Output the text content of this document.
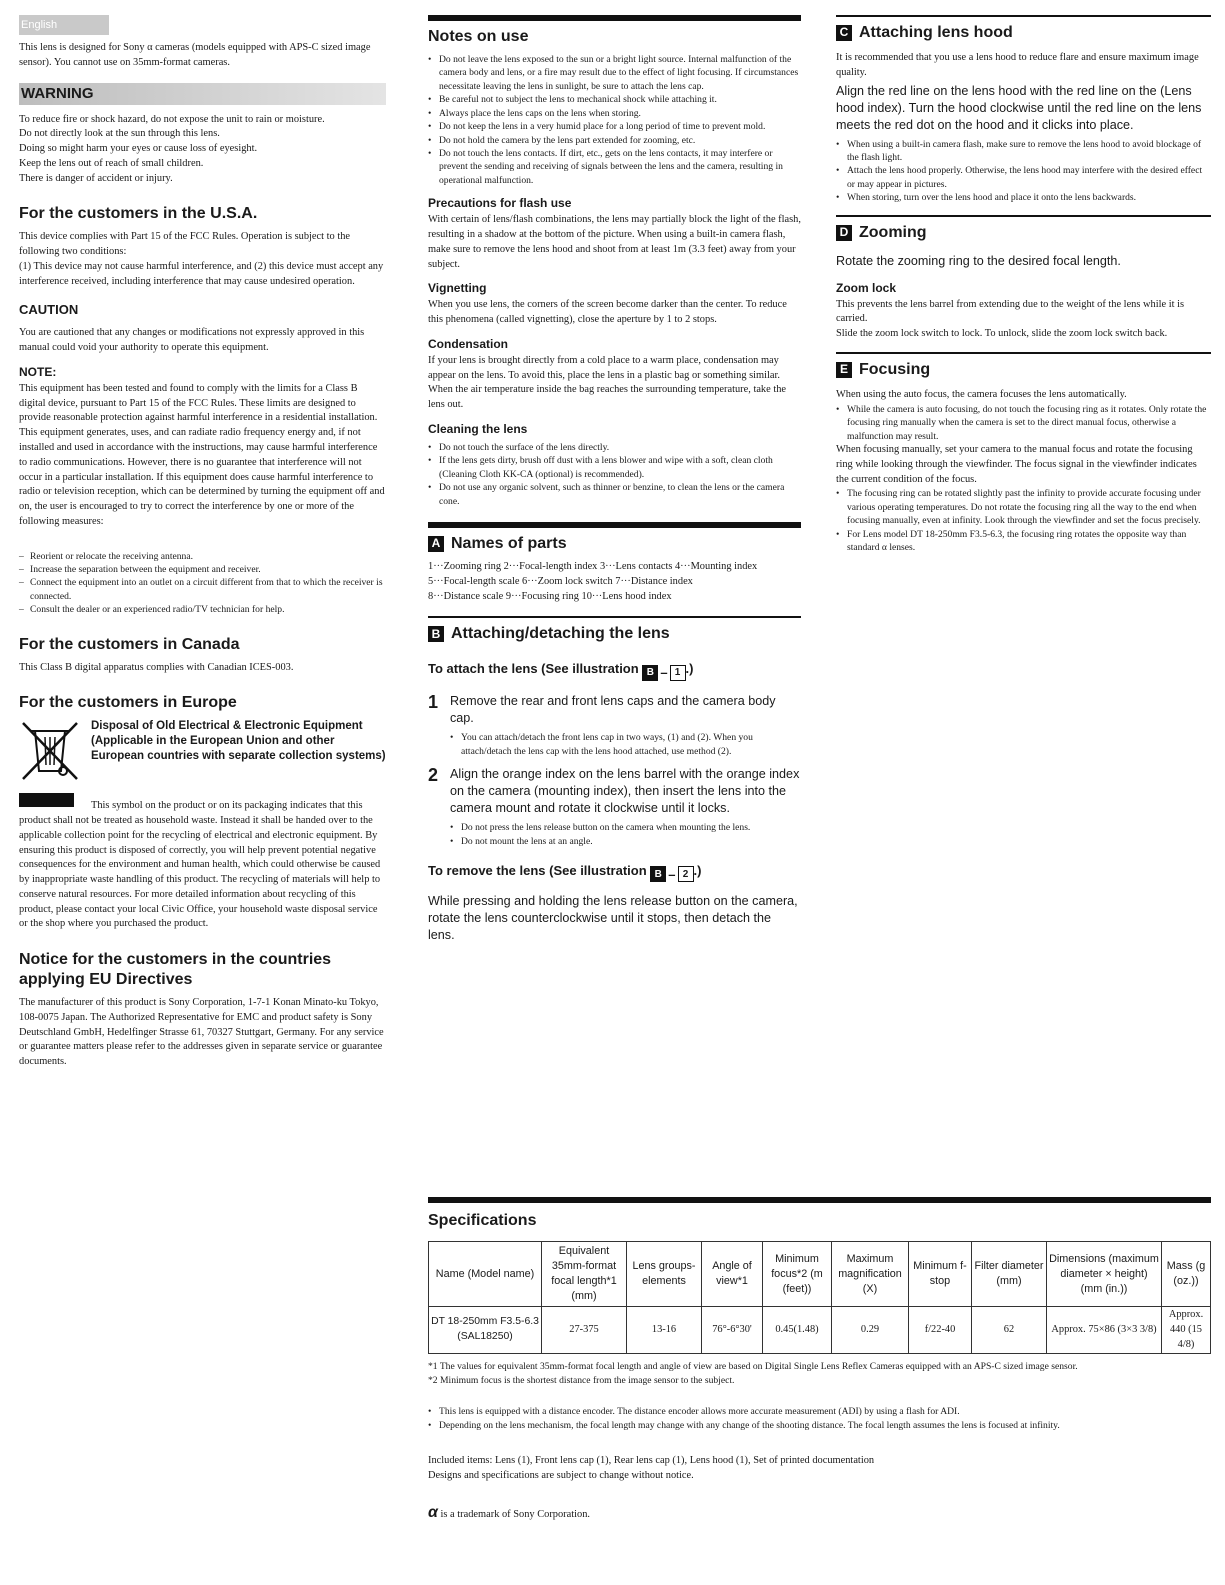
English

This lens is designed for Sony α cameras (models equipped with APS-C sized image sensor). You cannot use on 35mm-format cameras.

WARNING

To reduce fire or shock hazard, do not expose the unit to rain or moisture.

Do not directly look at the sun through this lens.

Doing so might harm your eyes or cause loss of eyesight.

Keep the lens out of reach of small children.

There is danger of accident or injury.

For the customers in the U.S.A.

This device complies with Part 15 of the FCC Rules. Operation is subject to the following two conditions:

(1) This device may not cause harmful interference, and (2) this device must accept any interference received, including interference that may cause undesired operation.

CAUTION

You are cautioned that any changes or modifications not expressly approved in this manual could void your authority to operate this equipment.

NOTE:

This equipment has been tested and found to comply with the limits for a Class B digital device, pursuant to Part 15 of the FCC Rules. These limits are designed to provide reasonable protection against harmful interference in a residential installation. This equipment generates, uses, and can radiate radio frequency energy and, if not installed and used in accordance with the instructions, may cause harmful interference to radio communications. However, there is no guarantee that interference will not occur in a particular installation. If this equipment does cause harmful interference to radio or television reception, which can be determined by turning the equipment off and on, the user is encouraged to try to correct the interference by one or more of the following measures:

– Reorient or relocate the receiving antenna.
– Increase the separation between the equipment and receiver.
– Connect the equipment into an outlet on a circuit different from that to which the receiver is connected.
– Consult the dealer or an experienced radio/TV technician for help.
For the customers in Canada

This Class B digital apparatus complies with Canadian ICES-003.

For the customers in Europe
Disposal of Old Electrical & Electronic Equipment (Applicable in the European Union and other European countries with separate collection systems)

This symbol on the product or on its packaging indicates that this product shall not be treated as household waste. Instead it shall be handed over to the applicable collection point for the recycling of electrical and electronic equipment. By ensuring this product is disposed of correctly, you will help prevent potential negative consequences for the environment and human health, which could otherwise be caused by inappropriate waste handling of this product. The recycling of materials will help to conserve natural resources. For more detailed information about recycling of this product, please contact your local Civic Office, your household waste disposal service or the shop where you purchased the product.

Notice for the customers in the countries applying EU Directives

The manufacturer of this product is Sony Corporation, 1-7-1 Konan Minato-ku Tokyo, 108-0075 Japan. The Authorized Representative for EMC and product safety is Sony Deutschland GmbH, Hedelfinger Strasse 61, 70327 Stuttgart, Germany. For any service or guarantee matters please refer to the addresses given in separate service or guarantee documents.

Notes on use
• Do not leave the lens exposed to the sun or a bright light source. Internal malfunction of the camera body and lens, or a fire may result due to the effect of light focusing. If circumstances necessitate leaving the lens in sunlight, be sure to attach the lens cap.
• Be careful not to subject the lens to mechanical shock while attaching it.
• Always place the lens caps on the lens when storing.
• Do not keep the lens in a very humid place for a long period of time to prevent mold.
• Do not hold the camera by the lens part extended for zooming, etc.
• Do not touch the lens contacts. If dirt, etc., gets on the lens contacts, it may interfere or prevent the sending and receiving of signals between the lens and the camera, resulting in operational malfunction.
Precautions for flash use

With certain of lens/flash combinations, the lens may partially block the light of the flash, resulting in a shadow at the bottom of the picture. When using a built-in camera flash, make sure to remove the lens hood and shoot from at least 1m (3.3 feet) away from your subject.

Vignetting

When you use lens, the corners of the screen become darker than the center. To reduce this phenomena (called vignetting), close the aperture by 1 to 2 stops.

Condensation

If your lens is brought directly from a cold place to a warm place, condensation may appear on the lens. To avoid this, place the lens in a plastic bag or something similar. When the air temperature inside the bag reaches the surrounding temperature, take the lens out.

Cleaning the lens
• Do not touch the surface of the lens directly.
• If the lens gets dirty, brush off dust with a lens blower and wipe with a soft, clean cloth (Cleaning Cloth KK-CA (optional) is recommended).
• Do not use any organic solvent, such as thinner or benzine, to clean the lens or the camera cone.
A Names of parts

1···Zooming ring 2···Focal-length index 3···Lens contacts 4···Mounting index

5···Focal-length scale 6···Zoom lock switch 7···Distance index

8···Distance scale 9···Focusing ring 10···Lens hood index

B Attaching/detaching the lens
To attach the lens (See illustration B – 1 .)
1 Remove the rear and front lens caps and the camera body cap.

• You can attach/detach the front lens cap in two ways, (1) and (2). When you attach/detach the lens cap with the lens hood attached, use method (2).
2 Align the orange index on the lens barrel with the orange index on the camera (mounting index), then insert the lens into the camera mount and rotate it clockwise until it locks.

• Do not press the lens release button on the camera when mounting the lens.
• Do not mount the lens at an angle.
To remove the lens (See illustration B – 2 .)

While pressing and holding the lens release button on the camera, rotate the lens counterclockwise until it stops, then detach the lens.

C Attaching lens hood

It is recommended that you use a lens hood to reduce flare and ensure maximum image quality.

Align the red line on the lens hood with the red line on the (Lens hood index). Turn the hood clockwise until the red line on the lens meets the red dot on the hood and it clicks into place.

• When using a built-in camera flash, make sure to remove the lens hood to avoid blockage of the flash light.
• Attach the lens hood properly. Otherwise, the lens hood may interfere with the desired effect or may appear in pictures.
• When storing, turn over the lens hood and place it onto the lens backwards.
D Zooming

Rotate the zooming ring to the desired focal length.

Zoom lock

This prevents the lens barrel from extending due to the weight of the lens while it is carried.

Slide the zoom lock switch to lock. To unlock, slide the zoom lock switch back.

E Focusing

When using the auto focus, the camera focuses the lens automatically.

• While the camera is auto focusing, do not touch the focusing ring as it rotates. Only rotate the focusing ring manually when the camera is set to the direct manual focus, otherwise a malfunction may result.

When focusing manually, set your camera to the manual focus and rotate the focusing ring while looking through the viewfinder. The focus signal in the viewfinder indicates the current condition of the focus.

• The focusing ring can be rotated slightly past the infinity to provide accurate focusing under various operating temperatures. Do not rotate the focusing ring all the way to the end when focusing manually, even at infinity. Look through the viewfinder and set the focus precisely.
• For Lens model DT 18-250mm F3.5-6.3, the focusing ring rotates the opposite way than standard α lenses.
Specifications
Name (Model name)	Equivalent 35mm-format focal length*1 (mm)	Lens groups-elements	Angle of view*1	Minimum focus*2 (m (feet))	Maximum magnification (X)	Minimum f-stop	Filter diameter (mm)	Dimensions (maximum diameter × height) (mm (in.))	Mass (g (oz.))
DT 18-250mm F3.5-6.3 (SAL18250)	27-375	13-16	76°-6°30'	0.45(1.48)	0.29	f/22-40	62	Approx. 75×86 (3×3 3/8)	Approx. 440 (15 4/8)

*1 The values for equivalent 35mm-format focal length and angle of view are based on Digital Single Lens Reflex Cameras equipped with an APS-C sized image sensor.

*2 Minimum focus is the shortest distance from the image sensor to the subject.

• This lens is equipped with a distance encoder. The distance encoder allows more accurate measurement (ADI) by using a flash for ADI.
• Depending on the lens mechanism, the focal length may change with any change of the shooting distance. The focal length assumes the lens is focused at infinity.

Included items: Lens (1), Front lens cap (1), Rear lens cap (1), Lens hood (1), Set of printed documentation

Designs and specifications are subject to change without notice.

α is a trademark of Sony Corporation.
